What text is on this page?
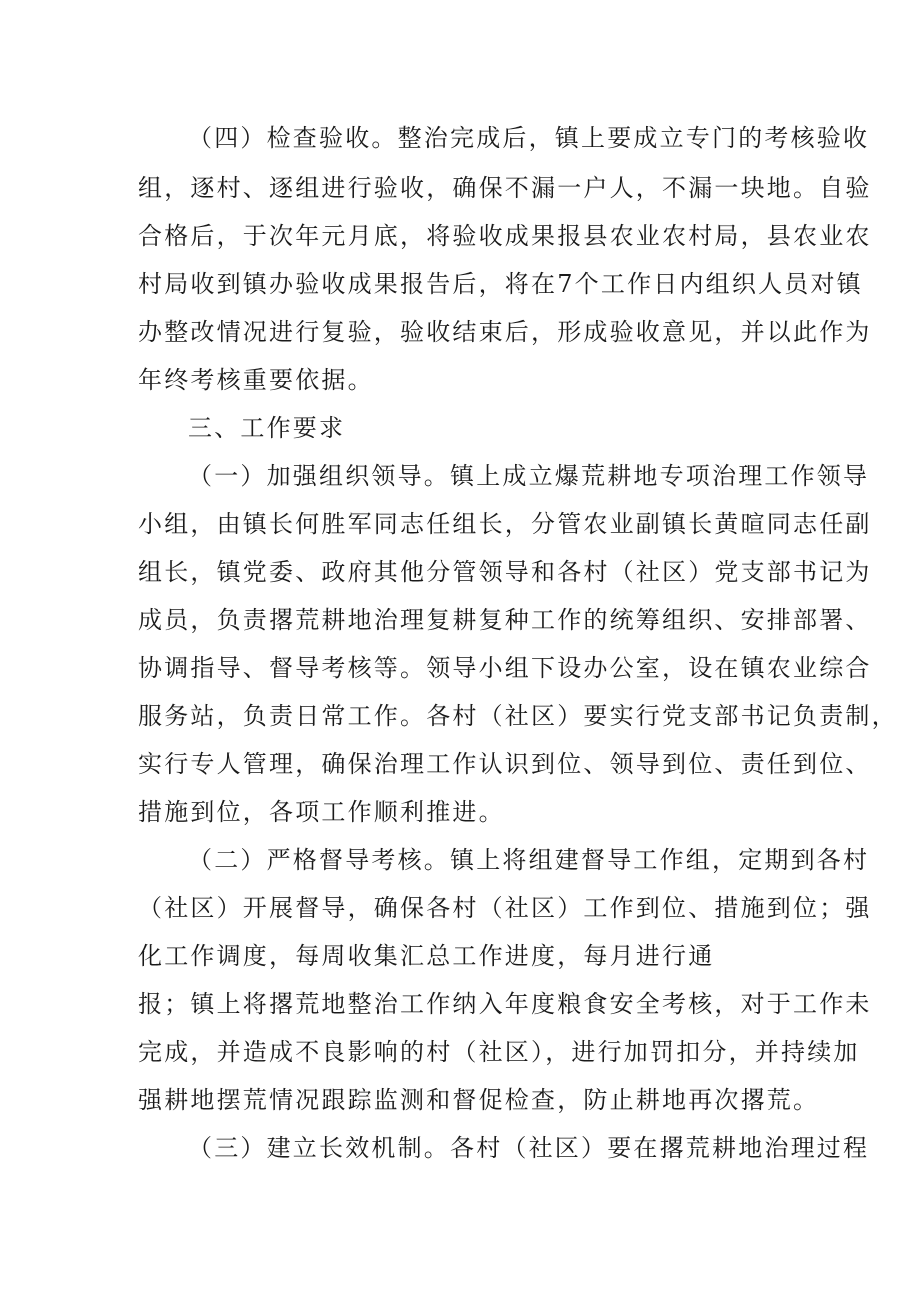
（四）检查验收。整治完成后，镇上要成立专门的考核验收
组，逐村、逐组进行验收，确保不漏一户人，不漏一块地。自验
合格后，于次年元月底，将验收成果报县农业农村局，县农业农
村局收到镇办验收成果报告后，将在7个工作日内组织人员对镇
办整改情况进行复验，验收结束后，形成验收意见，并以此作为
年终考核重要依据。
三、工作要求
（一）加强组织领导。镇上成立爆荒耕地专项治理工作领导
小组，由镇长何胜军同志任组长，分管农业副镇长黄暄同志任副
组长，镇党委、政府其他分管领导和各村（社区）党支部书记为
成员，负责撂荒耕地治理复耕复种工作的统筹组织、安排部署、
协调指导、督导考核等。领导小组下设办公室，设在镇农业综合
服务站，负责日常工作。各村（社区）要实行党支部书记负责制，
实行专人管理，确保治理工作认识到位、领导到位、责任到位、
措施到位，各项工作顺利推进。
（二）严格督导考核。镇上将组建督导工作组，定期到各村
（社区）开展督导，确保各村（社区）工作到位、措施到位；强
化工作调度，每周收集汇总工作进度，每月进行通
报；镇上将撂荒地整治工作纳入年度粮食安全考核，对于工作未
完成，并造成不良影响的村（社区），进行加罚扣分，并持续加
强耕地摆荒情况跟踪监测和督促检查，防止耕地再次撂荒。
（三）建立长效机制。各村（社区）要在撂荒耕地治理过程
